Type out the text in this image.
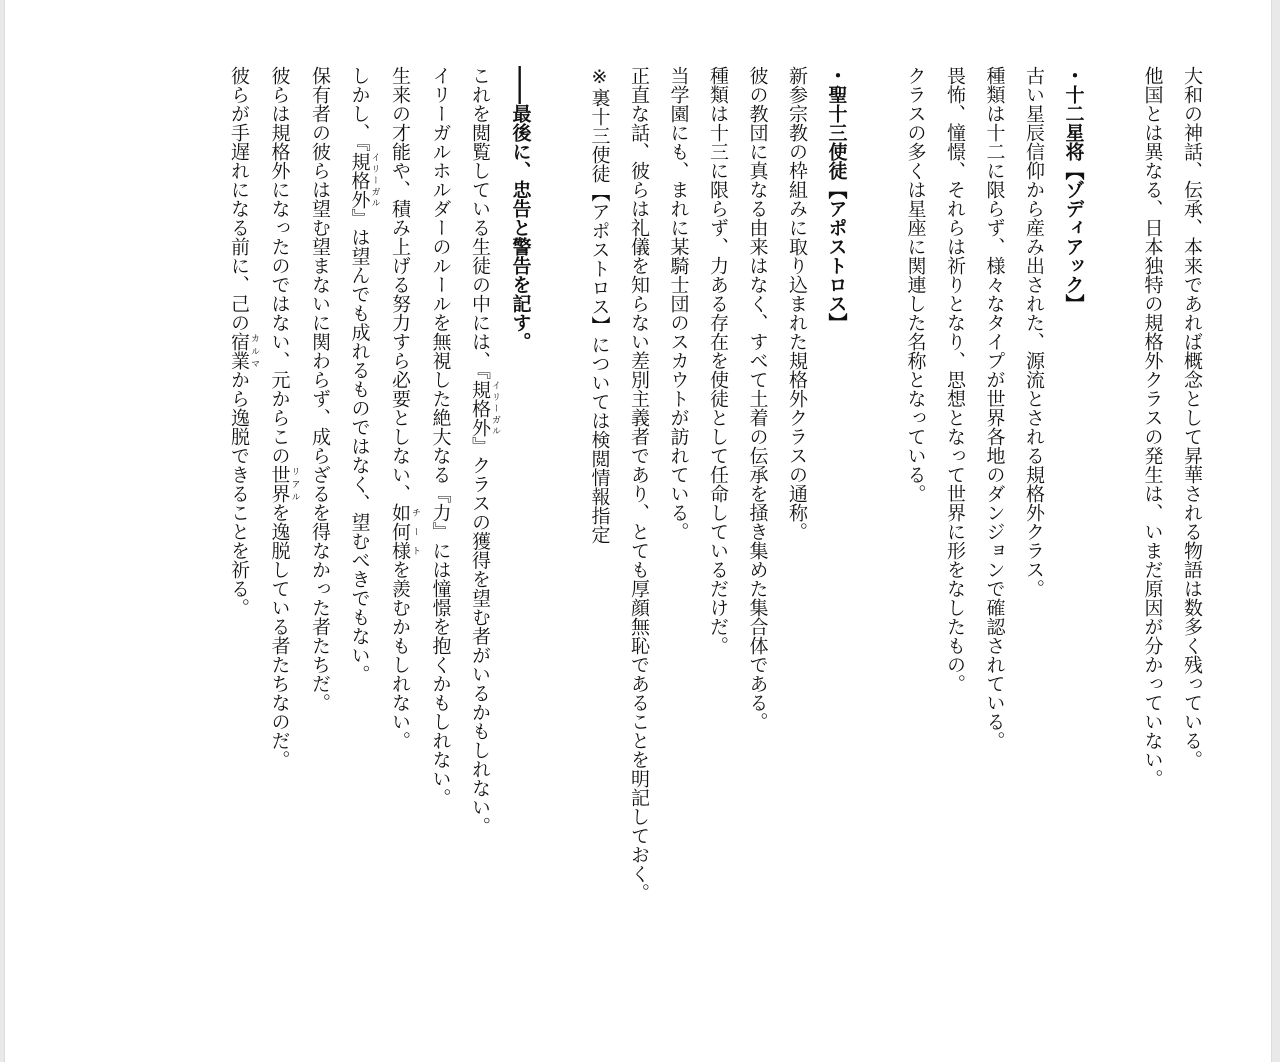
大和の神話、伝承、本来であれば概念として昇華される物語は数多く残っている。

他国とは異なる、日本独特の規格外クラスの発生は、いまだ原因が分かっていない。

・十二星将【ゾディアック】

古い星辰信仰から産み出された、源流とされる規格外クラス。

種類は十二に限らず、様々なタイプが世界各地のダンジョンで確認されている。

畏怖、憧憬、それらは祈りとなり、思想となって世界に形をなしたもの。

クラスの多くは星座に関連した名称となっている。

・聖十三使徒【アポストロス】

新参宗教の枠組みに取り込まれた規格外クラスの通称。

彼の教団に真なる由来はなく、すべて土着の伝承を掻き集めた集合体である。

種類は十三に限らず、力ある存在を使徒として任命しているだけだ。

当学園にも、まれに某騎士団のスカウトが訪れている。

正直な話、彼らは礼儀を知らない差別主義者であり、とても厚顔無恥であることを明記しておく。

※裏十三使徒【アポストロス】については検閲情報指定

――最後に、忠告と警告を記す。

これを閲覧している生徒の中には、『規格外 イリーガル』クラスの獲得を望む者がいるかもしれない。

イリーガルホルダーのルールを無視した絶大なる『力』には憧憬を抱くかもしれない。

生来の才能や、積み上げる努力すら必要としない、如何様 チートを羨むかもしれない。

しかし、『規格外 イリーガル』は望んでも成れるものではなく、望むべきでもない。

保有者の彼らは望む望まないに関わらず、成らざるを得なかった者たちだ。

彼らは規格外になったのではない、元からこの世界 リアルを逸脱している者たちなのだ。

彼らが手遅れになる前に、己の宿業 カルマから逸脱できることを祈る。
